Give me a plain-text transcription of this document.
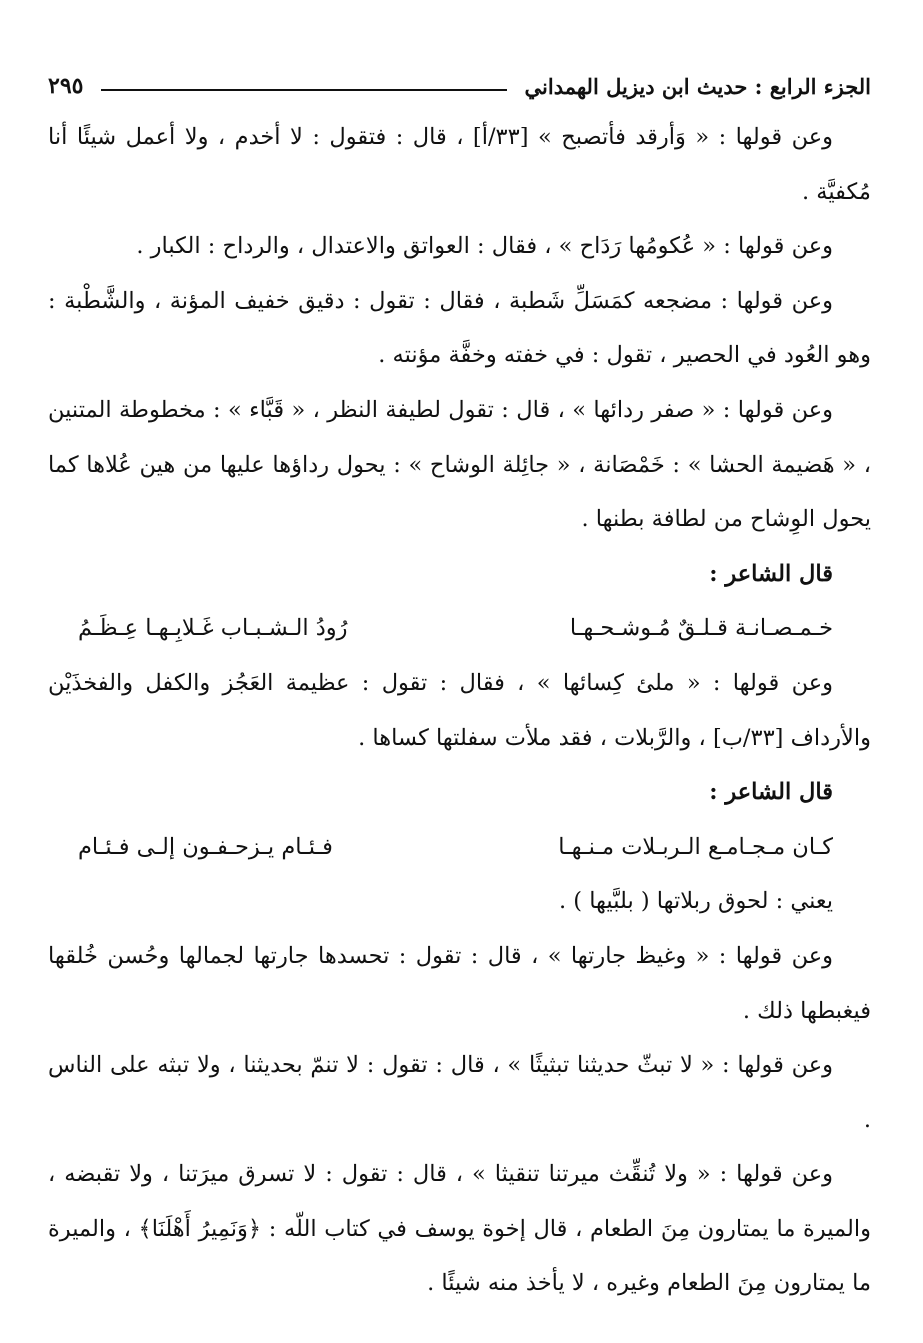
الجزء الرابع : حديث ابن ديزيل الهمداني
٢٩٥

وعن قولها : « وَأرقد فأتصبح » [٣٣/أ] ، قال : فتقول : لا أخدم ، ولا أعمل شيئًا أنا مُكفيَّة .

وعن قولها : « عُكومُها رَدَاح » ، فقال : العواتق والاعتدال ، والرداح : الكبار .

وعن قولها : مضجعه كمَسَلِّ شَطبة ، فقال : تقول : دقيق خفيف المؤنة ، والشَّطْبة : وهو العُود في الحصير ، تقول : في خفته وخفَّة مؤنته .

وعن قولها : « صفر ردائها » ، قال : تقول لطيفة النظر ، « قَبَّاء » : مخطوطة المتنين ، « هَضيمة الحشا » : خَمْصَانة ، « جائِلة الوشاح » : يحول رداؤها عليها من هين عُلاها كما يحول الوِشاح من لطافة بطنها .

قال الشاعر :

خـمـصـانـة قـلـقٌ مُـوشـحـهـا
رُودُ الـشـبـاب غَـلابِـهـا عِـظَـمُ

وعن قولها : « ملئ كِسائها » ، فقال : تقول : عظيمة العَجُز والكفل والفخذَيْن والأرداف [٣٣/ب] ، والرَّبلات ، فقد ملأت سفلتها كساها .

قال الشاعر :

كـان مـجـامـع الـربـلات مـنـهـا
فـئـام يـزحـفـون إلـى فـئـام

يعني : لحوق ربلاتها ( بلبَّيها ) .

وعن قولها : « وغيظ جارتها » ، قال : تقول : تحسدها جارتها لجمالها وحُسن خُلقها فيغبطها ذلك .

وعن قولها : « لا تبثّ حديثنا تبثيثًا » ، قال : تقول : لا تنمّ بحديثنا ، ولا تبثه على الناس .

وعن قولها : « ولا تُنقِّث ميرتنا تنقيثا » ، قال : تقول : لا تسرق ميرَتنا ، ولا تقبضه ، والميرة ما يمتارون مِنَ الطعام ، قال إخوة يوسف في كتاب اللّه : ﴿وَنَمِيرُ أَهْلَنَا﴾ ، والميرة ما يمتارون مِنَ الطعام وغيره ، لا يأخذ منه شيئًا .
